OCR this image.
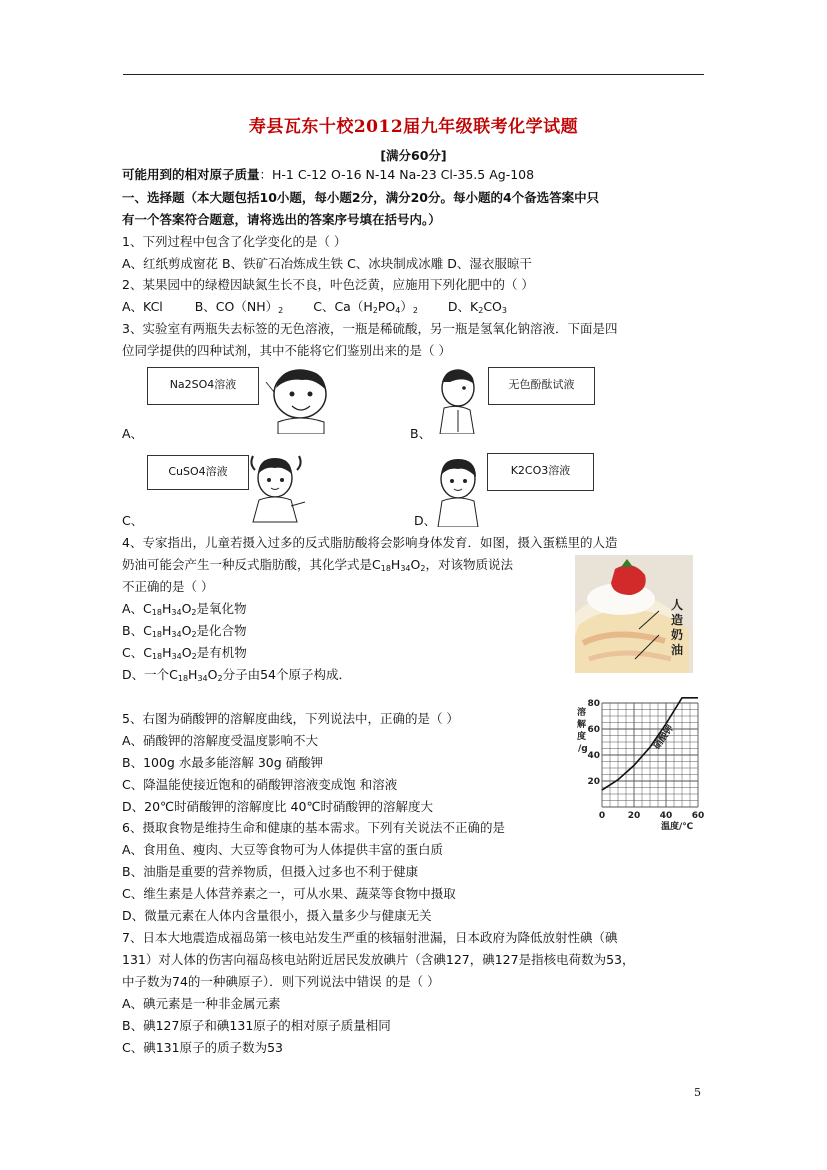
寿县瓦东十校2012届九年级联考化学试题
[满分60分]
可能用到的相对原子质量：H-1 C-12 O-16 N-14 Na-23 Cl-35.5 Ag-108
一、选择题（本大题包括10小题，每小题2分，满分20分。每小题的4个备选答案中只
有一个答案符合题意，请将选出的答案序号填在括号内。）
1、下列过程中包含了化学变化的是（ ）
A、红纸剪成窗花 B、铁矿石冶炼成生铁 C、冰块制成冰雕 D、湿衣服晾干
2、某果园中的绿橙因缺氮生长不良，叶色泛黄，应施用下列化肥中的（ ）
A、KCl	B、$CO(NH)_2$ C、$Ca(H_2PO_4)_2$ D、$K_2CO_3$
3、实验室有两瓶失去标签的无色溶液，一瓶是稀硫酸，另一瓶是氢氧化钠溶液．下面是四
位同学提供的四种试剂，其中不能将它们鉴别出来的是（ ）
Na2SO4溶液
A、
无色酚酞试液
B、
CuSO4溶液
C、
K2CO3溶液
D、
4、专家指出，儿童若摄入过多的反式脂肪酸将会影响身体发育．如图，摄入蛋糕里的人造
奶油可能会产生一种反式脂肪酸，其化学式是$C_{18}H_{34}O_2$，对该物质说法
不正确的是（ ）
A、$C_{18}H_{34}O_2$是氧化物
B、$C_{18}H_{34}O_2$是化合物
C、$C_{18}H_{34}O_2$是有机物
D、一个$C_{18}H_{34}O_2$分子由54个原子构成．
人
造
奶
油
5、右图为硝酸钾的溶解度曲线，下列说法中，正确的是（ ）
A、硝酸钾的溶解度受温度影响不大
B、100g 水最多能溶解 30g 硝酸钾
C、降温能使接近饱和的硝酸钾溶液变成饱 和溶液
D、20℃时硝酸钾的溶解度比 40℃时硝酸钾的溶解度大
硝酸钾
80
60
40
20
0	20 40 60
溶
解
度
/g
温度/℃
6、摄取食物是维持生命和健康的基本需求。下列有关说法不正确的是
A、食用鱼、瘦肉、大豆等食物可为人体提供丰富的蛋白质
B、油脂是重要的营养物质，但摄入过多也不利于健康
C、维生素是人体营养素之一，可从水果、蔬菜等食物中摄取
D、微量元素在人体内含量很小，摄入量多少与健康无关
7、日本大地震造成福岛第一核电站发生严重的核辐射泄漏，日本政府为降低放射性碘（碘
131）对人体的伤害向福岛核电站附近居民发放碘片（含碘127，碘127是指核电荷数为53，
中子数为74的一种碘原子）．则下列说法中错误 的是（ ）
A、碘元素是一种非金属元素
B、碘127原子和碘131原子的相对原子质量相同
C、碘131原子的质子数为53
5
